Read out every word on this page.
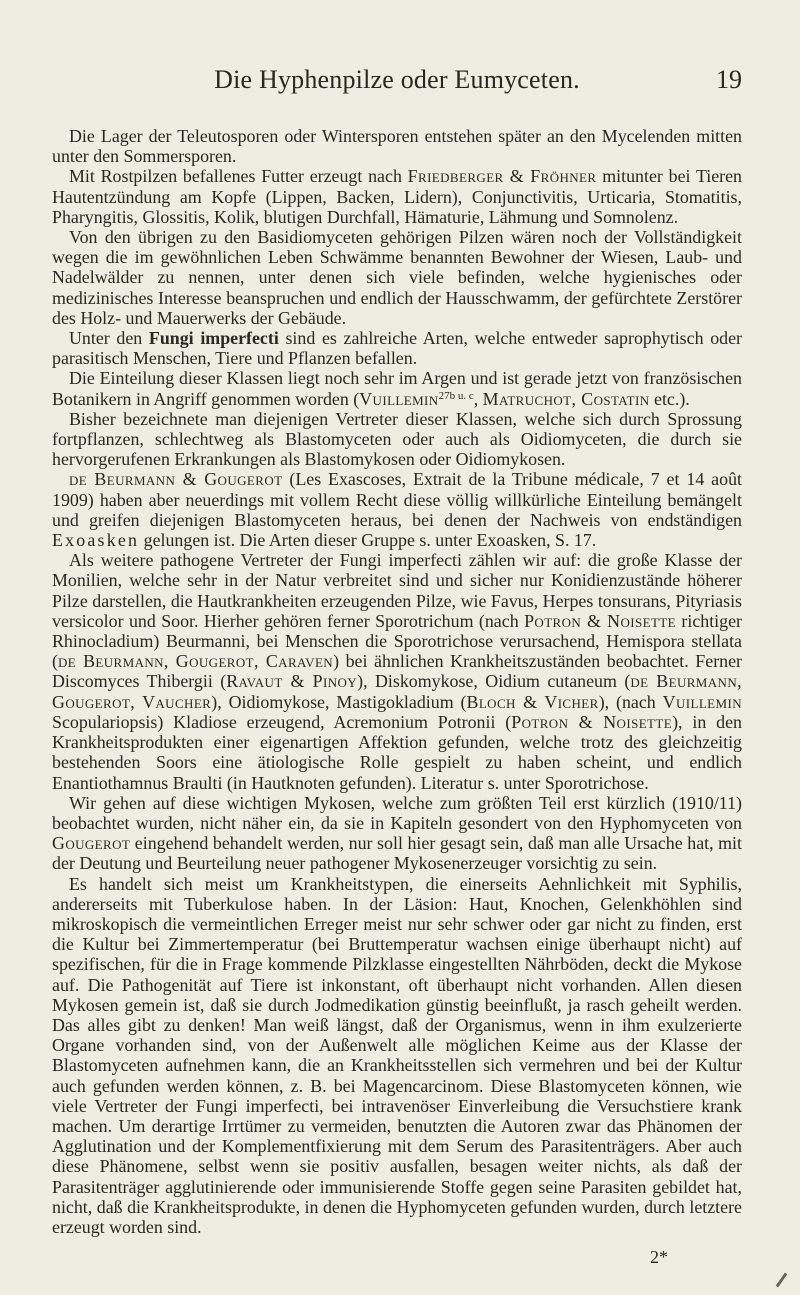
Die Hyphenpilze oder Eumyceten.	19

Die Lager der Teleutosporen oder Wintersporen entstehen später an den Mycelenden mitten unter den Sommersporen.

Mit Rostpilzen befallenes Futter erzeugt nach Friedberger & Fröhner mitunter bei Tieren Hautentzündung am Kopfe (Lippen, Backen, Lidern), Conjunctivitis, Urticaria, Stomatitis, Pharyngitis, Glossitis, Kolik, blutigen Durchfall, Hämaturie, Lähmung und Somnolenz.

Von den übrigen zu den Basidiomyceten gehörigen Pilzen wären noch der Vollständigkeit wegen die im gewöhnlichen Leben Schwämme benannten Bewohner der Wiesen, Laub- und Nadelwälder zu nennen, unter denen sich viele befinden, welche hygienisches oder medizinisches Interesse beanspruchen und endlich der Hausschwamm, der gefürchtete Zerstörer des Holz- und Mauerwerks der Gebäude.

Unter den Fungi imperfecti sind es zahlreiche Arten, welche entweder saprophytisch oder parasitisch Menschen, Tiere und Pflanzen befallen.

Die Einteilung dieser Klassen liegt noch sehr im Argen und ist gerade jetzt von französischen Botanikern in Angriff genommen worden (Vuillemin$^{27b u. c}$, Matruchot, Costatin etc.).

Bisher bezeichnete man diejenigen Vertreter dieser Klassen, welche sich durch Sprossung fortpflanzen, schlechtweg als Blastomyceten oder auch als Oidiomyceten, die durch sie hervorgerufenen Erkrankungen als Blastomykosen oder Oidiomykosen.

de Beurmann & Gougerot (Les Exascoses, Extrait de la Tribune médicale, 7 et 14 août 1909) haben aber neuerdings mit vollem Recht diese völlig willkürliche Einteilung bemängelt und greifen diejenigen Blastomyceten heraus, bei denen der Nachweis von endständigen Exoasken gelungen ist. Die Arten dieser Gruppe s. unter Exoasken, S. 17.

Als weitere pathogene Vertreter der Fungi imperfecti zählen wir auf: die große Klasse der Monilien, welche sehr in der Natur verbreitet sind und sicher nur Konidienzustände höherer Pilze darstellen, die Hautkrankheiten erzeugenden Pilze, wie Favus, Herpes tonsurans, Pityriasis versicolor und Soor. Hierher gehören ferner Sporotrichum (nach Potron & Noisette richtiger Rhinocladium) Beurmanni, bei Menschen die Sporotrichose verursachend, Hemispora stellata (de Beurmann, Gougerot, Caraven) bei ähnlichen Krankheitszuständen beobachtet. Ferner Discomyces Thibergii (Ravaut & Pinoy), Diskomykose, Oidium cutaneum (de Beurmann, Gougerot, Vaucher), Oidiomykose, Mastigokladium (Bloch & Vicher), (nach Vuillemin Scopulariopsis) Kladiose erzeugend, Acremonium Potronii (Potron & Noisette), in den Krankheitsprodukten einer eigenartigen Affektion gefunden, welche trotz des gleichzeitig bestehenden Soors eine ätiologische Rolle gespielt zu haben scheint, und endlich Enantiothamnus Braulti (in Hautknoten gefunden). Literatur s. unter Sporotrichose.

Wir gehen auf diese wichtigen Mykosen, welche zum größten Teil erst kürzlich (1910/11) beobachtet wurden, nicht näher ein, da sie in Kapiteln gesondert von den Hyphomyceten von Gougerot eingehend behandelt werden, nur soll hier gesagt sein, daß man alle Ursache hat, mit der Deutung und Beurteilung neuer pathogener Mykosenerzeuger vorsichtig zu sein.

Es handelt sich meist um Krankheitstypen, die einerseits Aehnlichkeit mit Syphilis, andererseits mit Tuberkulose haben. In der Läsion: Haut, Knochen, Gelenkhöhlen sind mikroskopisch die vermeintlichen Erreger meist nur sehr schwer oder gar nicht zu finden, erst die Kultur bei Zimmertemperatur (bei Bruttemperatur wachsen einige überhaupt nicht) auf spezifischen, für die in Frage kommende Pilzklasse eingestellten Nährböden, deckt die Mykose auf. Die Pathogenität auf Tiere ist inkonstant, oft überhaupt nicht vorhanden. Allen diesen Mykosen gemein ist, daß sie durch Jodmedikation günstig beeinflußt, ja rasch geheilt werden. Das alles gibt zu denken! Man weiß längst, daß der Organismus, wenn in ihm exulzerierte Organe vorhanden sind, von der Außenwelt alle möglichen Keime aus der Klasse der Blastomyceten aufnehmen kann, die an Krankheitsstellen sich vermehren und bei der Kultur auch gefunden werden können, z. B. bei Magencarcinom. Diese Blastomyceten können, wie viele Vertreter der Fungi imperfecti, bei intravenöser Einverleibung die Versuchstiere krank machen. Um derartige Irrtümer zu vermeiden, benutzten die Autoren zwar das Phänomen der Agglutination und der Komplementfixierung mit dem Serum des Parasitenträgers. Aber auch diese Phänomene, selbst wenn sie positiv ausfallen, besagen weiter nichts, als daß der Parasitenträger agglutinierende oder immunisierende Stoffe gegen seine Parasiten gebildet hat, nicht, daß die Krankheitsprodukte, in denen die Hyphomyceten gefunden wurden, durch letztere erzeugt worden sind.

2*
